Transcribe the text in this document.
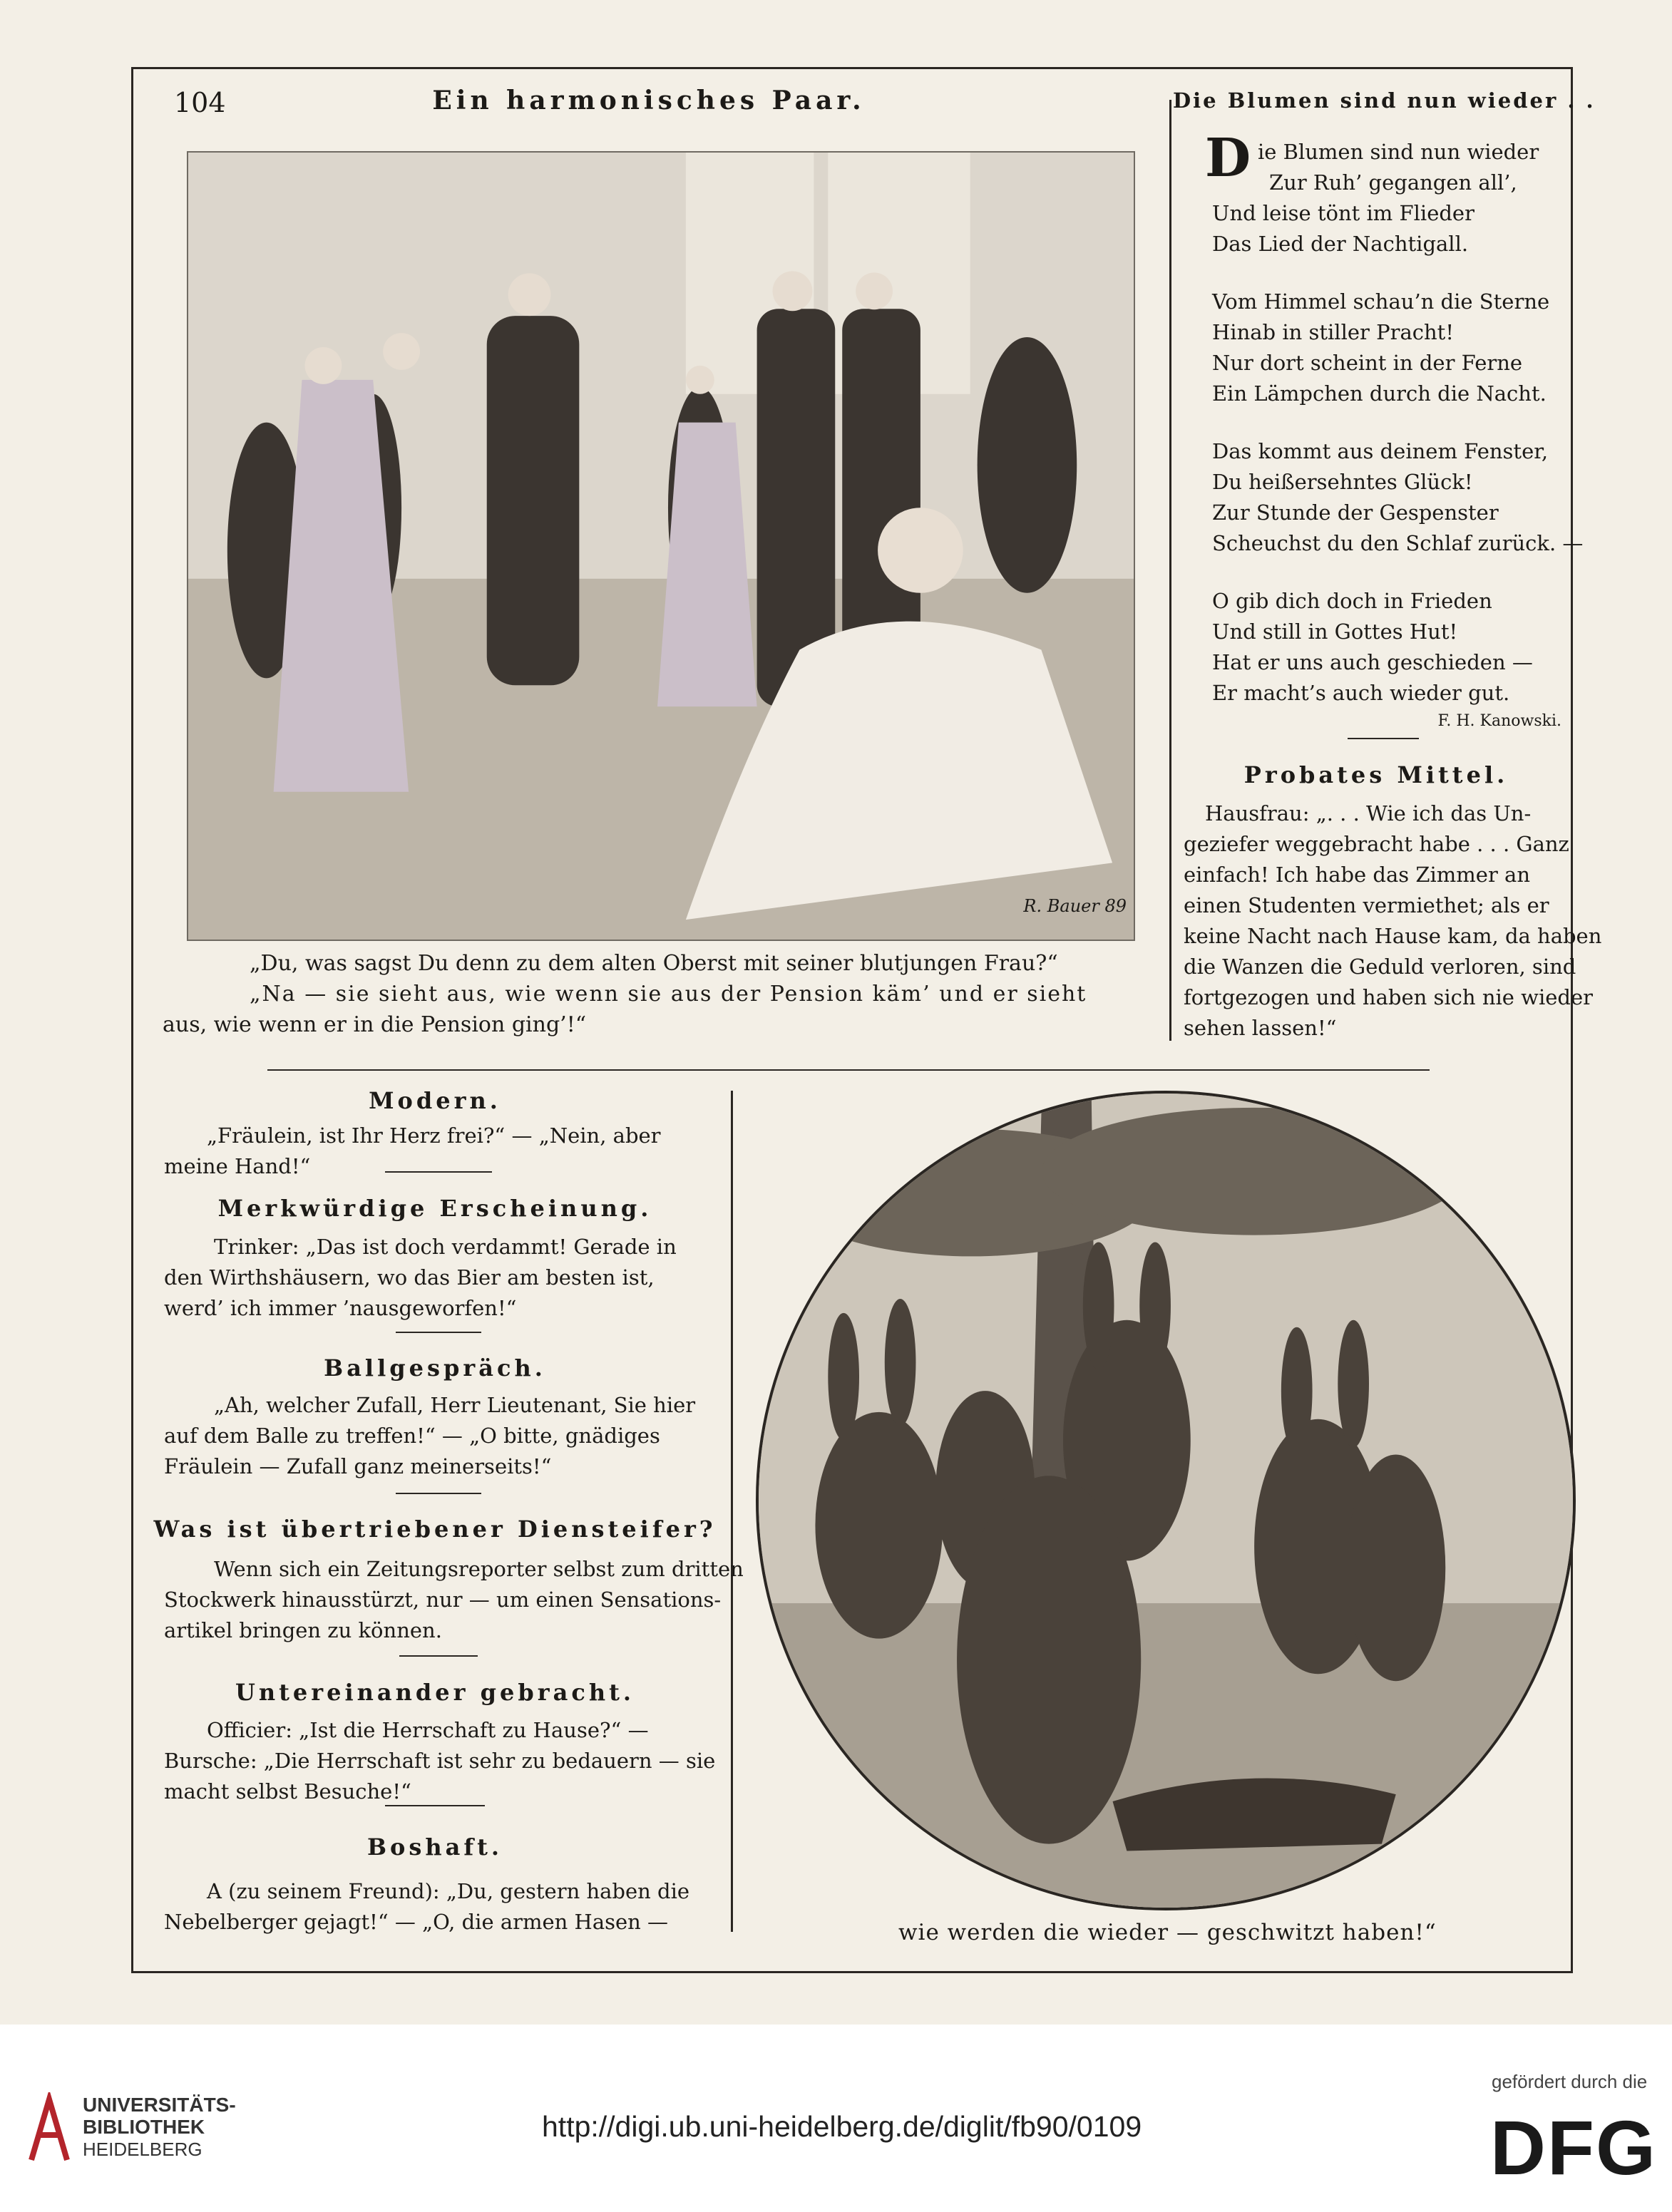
104	Ein harmonisches Paar.	Die Blumen sind nun wieder . .
R. Bauer 89
„Du, was sagst Du denn zu dem alten Oberst mit seiner blutjungen Frau?“
„Na — sie sieht aus, wie wenn sie aus der Pension käm’ und er sieht
aus, wie wenn er in die Pension ging’!“
D ie Blumen sind nun wieder
Zur Ruh’ gegangen all’,
Und leise tönt im Flieder
Das Lied der Nachtigall.
Vom Himmel schau’n die Sterne
Hinab in stiller Pracht!
Nur dort scheint in der Ferne
Ein Lämpchen durch die Nacht.
Das kommt aus deinem Fenster,
Du heißersehntes Glück!
Zur Stunde der Gespenster
Scheuchst du den Schlaf zurück. —
O gib dich doch in Frieden
Und still in Gottes Hut!
Hat er uns auch geschieden —
Er macht’s auch wieder gut.
F. H. Kanowski.
Probates Mittel.
Hausfrau: „. . . Wie ich das Un-
geziefer weggebracht habe . . . Ganz
einfach! Ich habe das Zimmer an
einen Studenten vermiethet; als er
keine Nacht nach Hause kam, da haben
die Wanzen die Geduld verloren, sind
fortgezogen und haben sich nie wieder
sehen lassen!“
Modern.
„Fräulein, ist Ihr Herz frei?“ — „Nein, aber
meine Hand!“
Merkwürdige Erscheinung.
Trinker: „Das ist doch verdammt! Gerade in
den Wirthshäusern, wo das Bier am besten ist,
werd’ ich immer ’nausgeworfen!“
Ballgespräch.
„Ah, welcher Zufall, Herr Lieutenant, Sie hier
auf dem Balle zu treffen!“ — „O bitte, gnädiges
Fräulein — Zufall ganz meinerseits!“
Was ist übertriebener Diensteifer?
Wenn sich ein Zeitungsreporter selbst zum dritten
Stockwerk hinausstürzt, nur — um einen Sensations-
artikel bringen zu können.
Untereinander gebracht.
Officier: „Ist die Herrschaft zu Hause?“ —
Bursche: „Die Herrschaft ist sehr zu bedauern — sie
macht selbst Besuche!“
Boshaft.
A (zu seinem Freund): „Du, gestern haben die
Nebelberger gejagt!“ — „O, die armen Hasen —	wie werden die wieder — geschwitzt haben!“
UNIVERSITÄTS-
BIBLIOTHEK
HEIDELBERG
http://digi.ub.uni-heidelberg.de/diglit/fb90/0109
gefördert durch die
DFG
